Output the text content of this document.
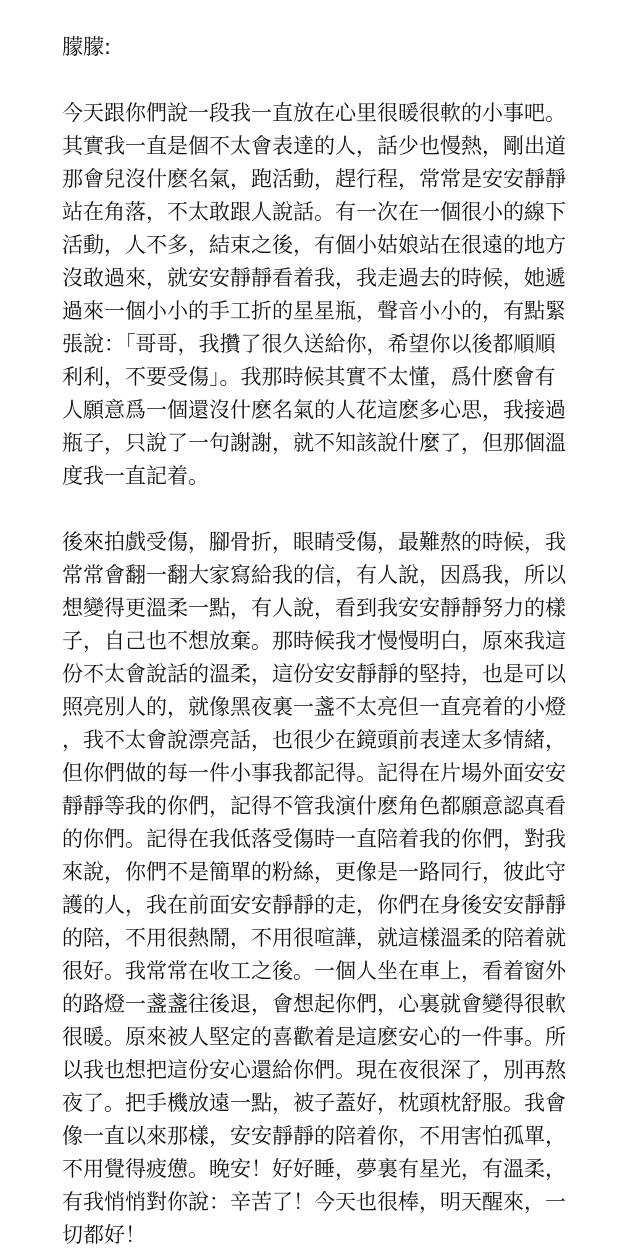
朦朦:
今天跟你們說一段我一直放在心里很暖很軟的小事吧。
其實我一直是個不太會表達的人，話少也慢熱，剛出道
那會兒沒什麽名氣，跑活動，趕行程，常常是安安靜靜
站在角落，不太敢跟人說話。有一次在一個很小的線下
活動，人不多，結束之後，有個小姑娘站在很遠的地方
沒敢過來，就安安靜靜看着我，我走過去的時候，她遞
過來一個小小的手工折的星星瓶，聲音小小的，有點緊
張說：「哥哥，我攢了很久送給你，希望你以後都順順
利利，不要受傷」。我那時候其實不太懂，爲什麽會有
人願意爲一個還沒什麽名氣的人花這麽多心思，我接過
瓶子，只說了一句謝謝，就不知該說什麼了，但那個溫
度我一直記着。
後來拍戲受傷，腳骨折，眼睛受傷，最難熬的時候，我
常常會翻一翻大家寫給我的信，有人說，因爲我，所以
想變得更溫柔一點，有人說，看到我安安靜靜努力的樣
子，自己也不想放棄。那時候我才慢慢明白，原來我這
份不太會說話的溫柔，這份安安靜靜的堅持，也是可以
照亮別人的，就像黑夜裏一盞不太亮但一直亮着的小燈
，我不太會說漂亮話，也很少在鏡頭前表達太多情緒，
但你們做的每一件小事我都記得。記得在片場外面安安
靜靜等我的你們，記得不管我演什麽角色都願意認真看
的你們。記得在我低落受傷時一直陪着我的你們，對我
來說，你們不是簡單的粉絲，更像是一路同行，彼此守
護的人，我在前面安安靜靜的走，你們在身後安安靜靜
的陪，不用很熱鬧，不用很喧譁，就這樣溫柔的陪着就
很好。我常常在收工之後。一個人坐在車上，看着窗外
的路燈一盞盞往後退，會想起你們，心裏就會變得很軟
很暖。原來被人堅定的喜歡着是這麽安心的一件事。所
以我也想把這份安心還給你們。現在夜很深了，別再熬
夜了。把手機放遠一點，被子蓋好，枕頭枕舒服。我會
像一直以來那樣，安安靜靜的陪着你，不用害怕孤單，
不用覺得疲憊。晚安！好好睡，夢裏有星光，有溫柔，
有我悄悄對你說：辛苦了！今天也很棒，明天醒來，一
切都好！
